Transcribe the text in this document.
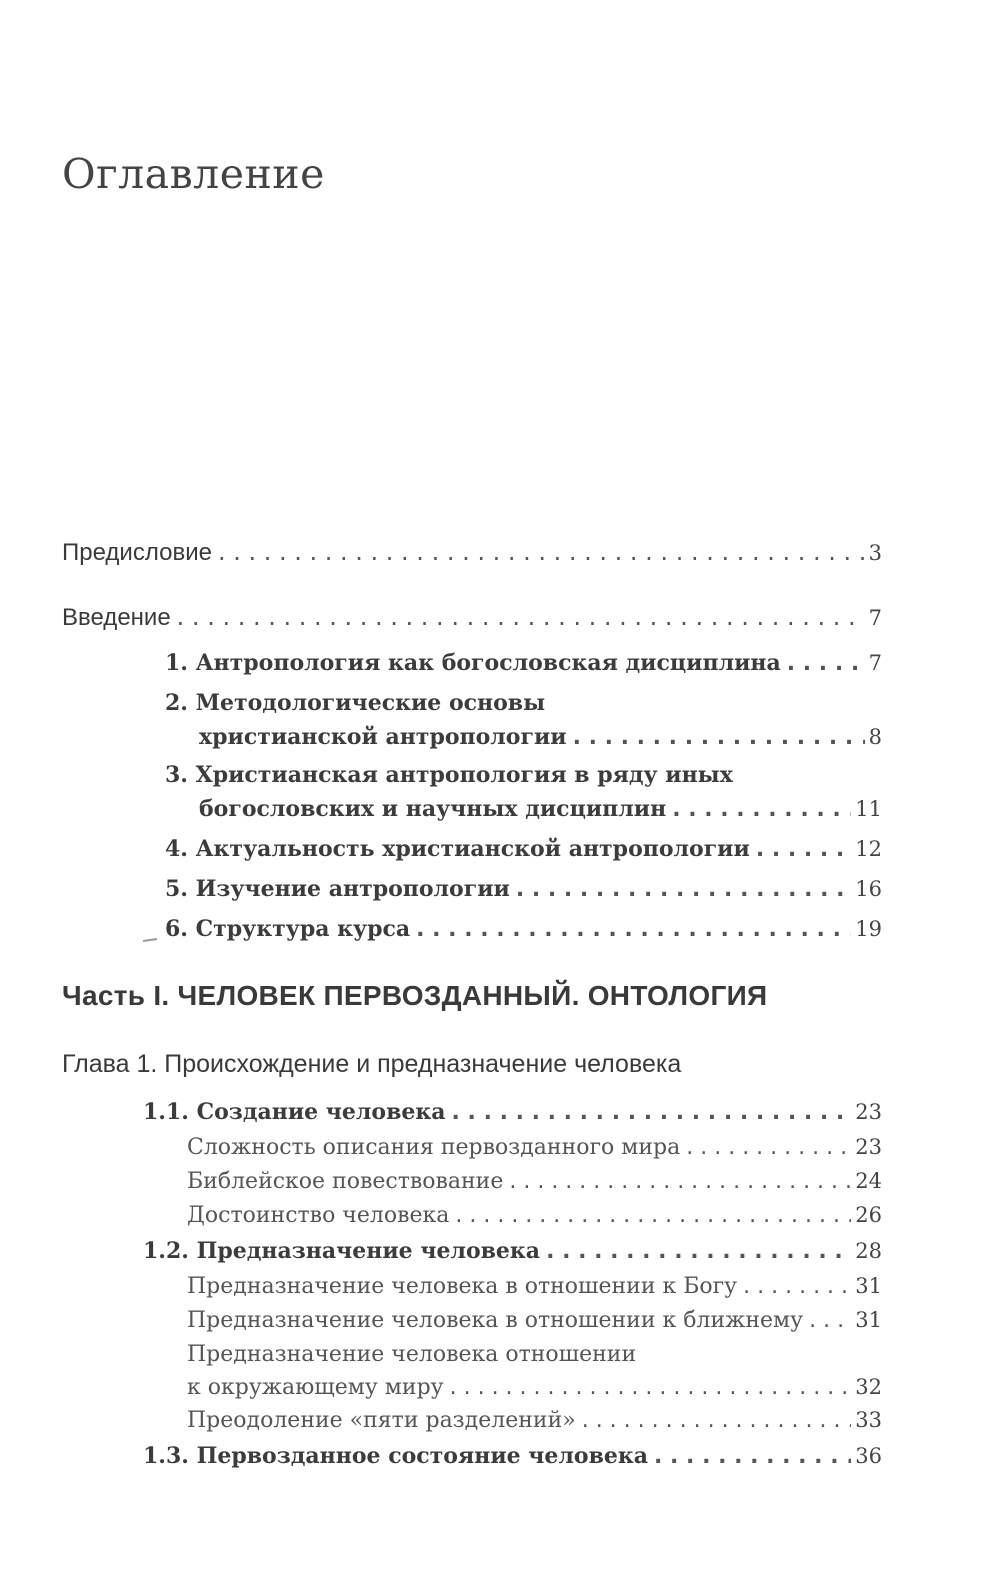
Оглавление
Предисловие . . .	3
Введение . . .	7
1. Антропология как богословская дисциплина . . .	7
2. Методологические основы
христианской антропологии . . .	8
3. Христианская антропология в ряду иных
богословских и научных дисциплин . . .	11
4. Актуальность христианской антропологии . . .	12
5. Изучение антропологии . . .	16
6. Структура курса . . .	19
Часть I. ЧЕЛОВЕК ПЕРВОЗДАННЫЙ. ОНТОЛОГИЯ
Глава 1. Происхождение и предназначение человека
1.1. Создание человека . . .	23
Сложность описания первозданного мира . . .	23
Библейское повествование . . .	24
Достоинство человека . . .	26
1.2. Предназначение человека . . .	28
Предназначение человека в отношении к Богу . . .	31
Предназначение человека в отношении к ближнему . . . 31
Предназначение человека отношении
к окружающему миру . . .	32
Преодоление «пяти разделений» . . .	33
1.3. Первозданное состояние человека . . .	36
